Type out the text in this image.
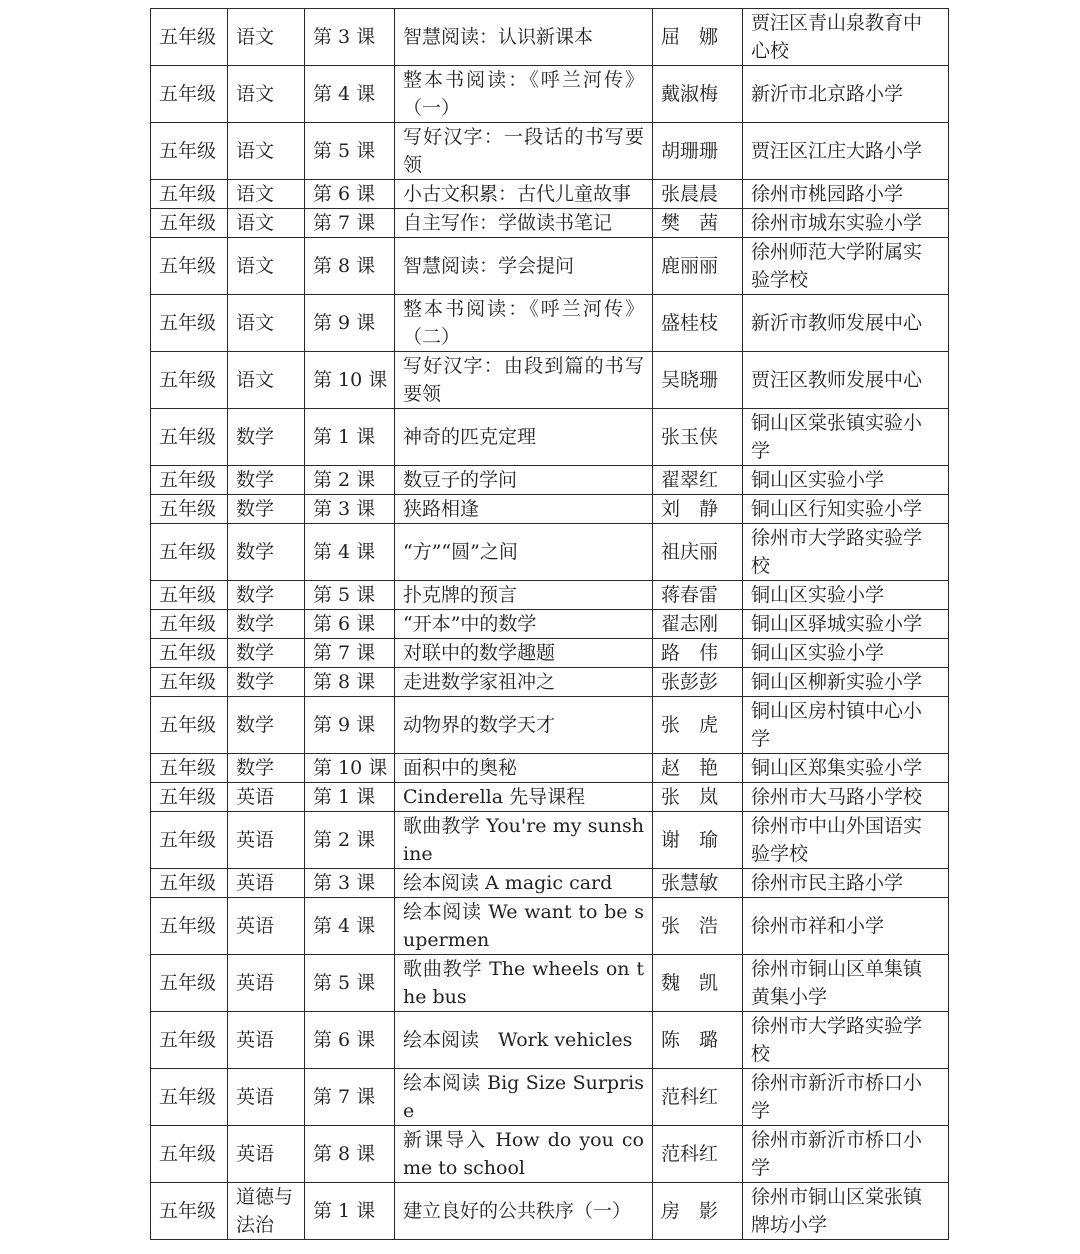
五年级	语文	第 3 课	智慧阅读：认识新课本	屈　娜	贾汪区青山泉教育中心校
五年级	语文	第 4 课	整本书阅读：《呼兰河传》（一）	戴淑梅	新沂市北京路小学
五年级	语文	第 5 课	写好汉字：一段话的书写要领	胡珊珊	贾汪区江庄大路小学
五年级	语文	第 6 课	小古文积累：古代儿童故事	张晨晨	徐州市桃园路小学
五年级	语文	第 7 课	自主写作：学做读书笔记	樊　茜	徐州市城东实验小学
五年级	语文	第 8 课	智慧阅读：学会提问	鹿丽丽	徐州师范大学附属实验学校
五年级	语文	第 9 课	整本书阅读：《呼兰河传》（二）	盛桂枝	新沂市教师发展中心
五年级	语文	第 10 课	写好汉字：由段到篇的书写要领	吴晓珊	贾汪区教师发展中心
五年级	数学	第 1 课	神奇的匹克定理	张玉侠	铜山区棠张镇实验小学
五年级	数学	第 2 课	数豆子的学问	翟翠红	铜山区实验小学
五年级	数学	第 3 课	狭路相逢	刘　静	铜山区行知实验小学
五年级	数学	第 4 课	“方”“圆”之间	祖庆丽	徐州市大学路实验学校
五年级	数学	第 5 课	扑克牌的预言	蒋春雷	铜山区实验小学
五年级	数学	第 6 课	“开本”中的数学	翟志刚	铜山区驿城实验小学
五年级	数学	第 7 课	对联中的数学趣题	路　伟	铜山区实验小学
五年级	数学	第 8 课	走进数学家祖冲之	张彭彭	铜山区柳新实验小学
五年级	数学	第 9 课	动物界的数学天才	张　虎	铜山区房村镇中心小学
五年级	数学	第 10 课	面积中的奥秘	赵　艳	铜山区郑集实验小学
五年级	英语	第 1 课	Cinderella 先导课程	张　岚	徐州市大马路小学校
五年级	英语	第 2 课	歌曲教学 You're my sunshine	谢　瑜	徐州市中山外国语实验学校
五年级	英语	第 3 课	绘本阅读 A magic card	张慧敏	徐州市民主路小学
五年级	英语	第 4 课	绘本阅读 We want to be supermen	张　浩	徐州市祥和小学
五年级	英语	第 5 课	歌曲教学 The wheels on the bus	魏　凯	徐州市铜山区单集镇黄集小学
五年级	英语	第 6 课	绘本阅读　Work vehicles	陈　璐	徐州市大学路实验学校
五年级	英语	第 7 课	绘本阅读 Big Size Surprise	范科红	徐州市新沂市桥口小学
五年级	英语	第 8 课	新课导入 How do you come to school	范科红	徐州市新沂市桥口小学
五年级	道德与法治	第 1 课	建立良好的公共秩序（一）	房　影	徐州市铜山区棠张镇牌坊小学
